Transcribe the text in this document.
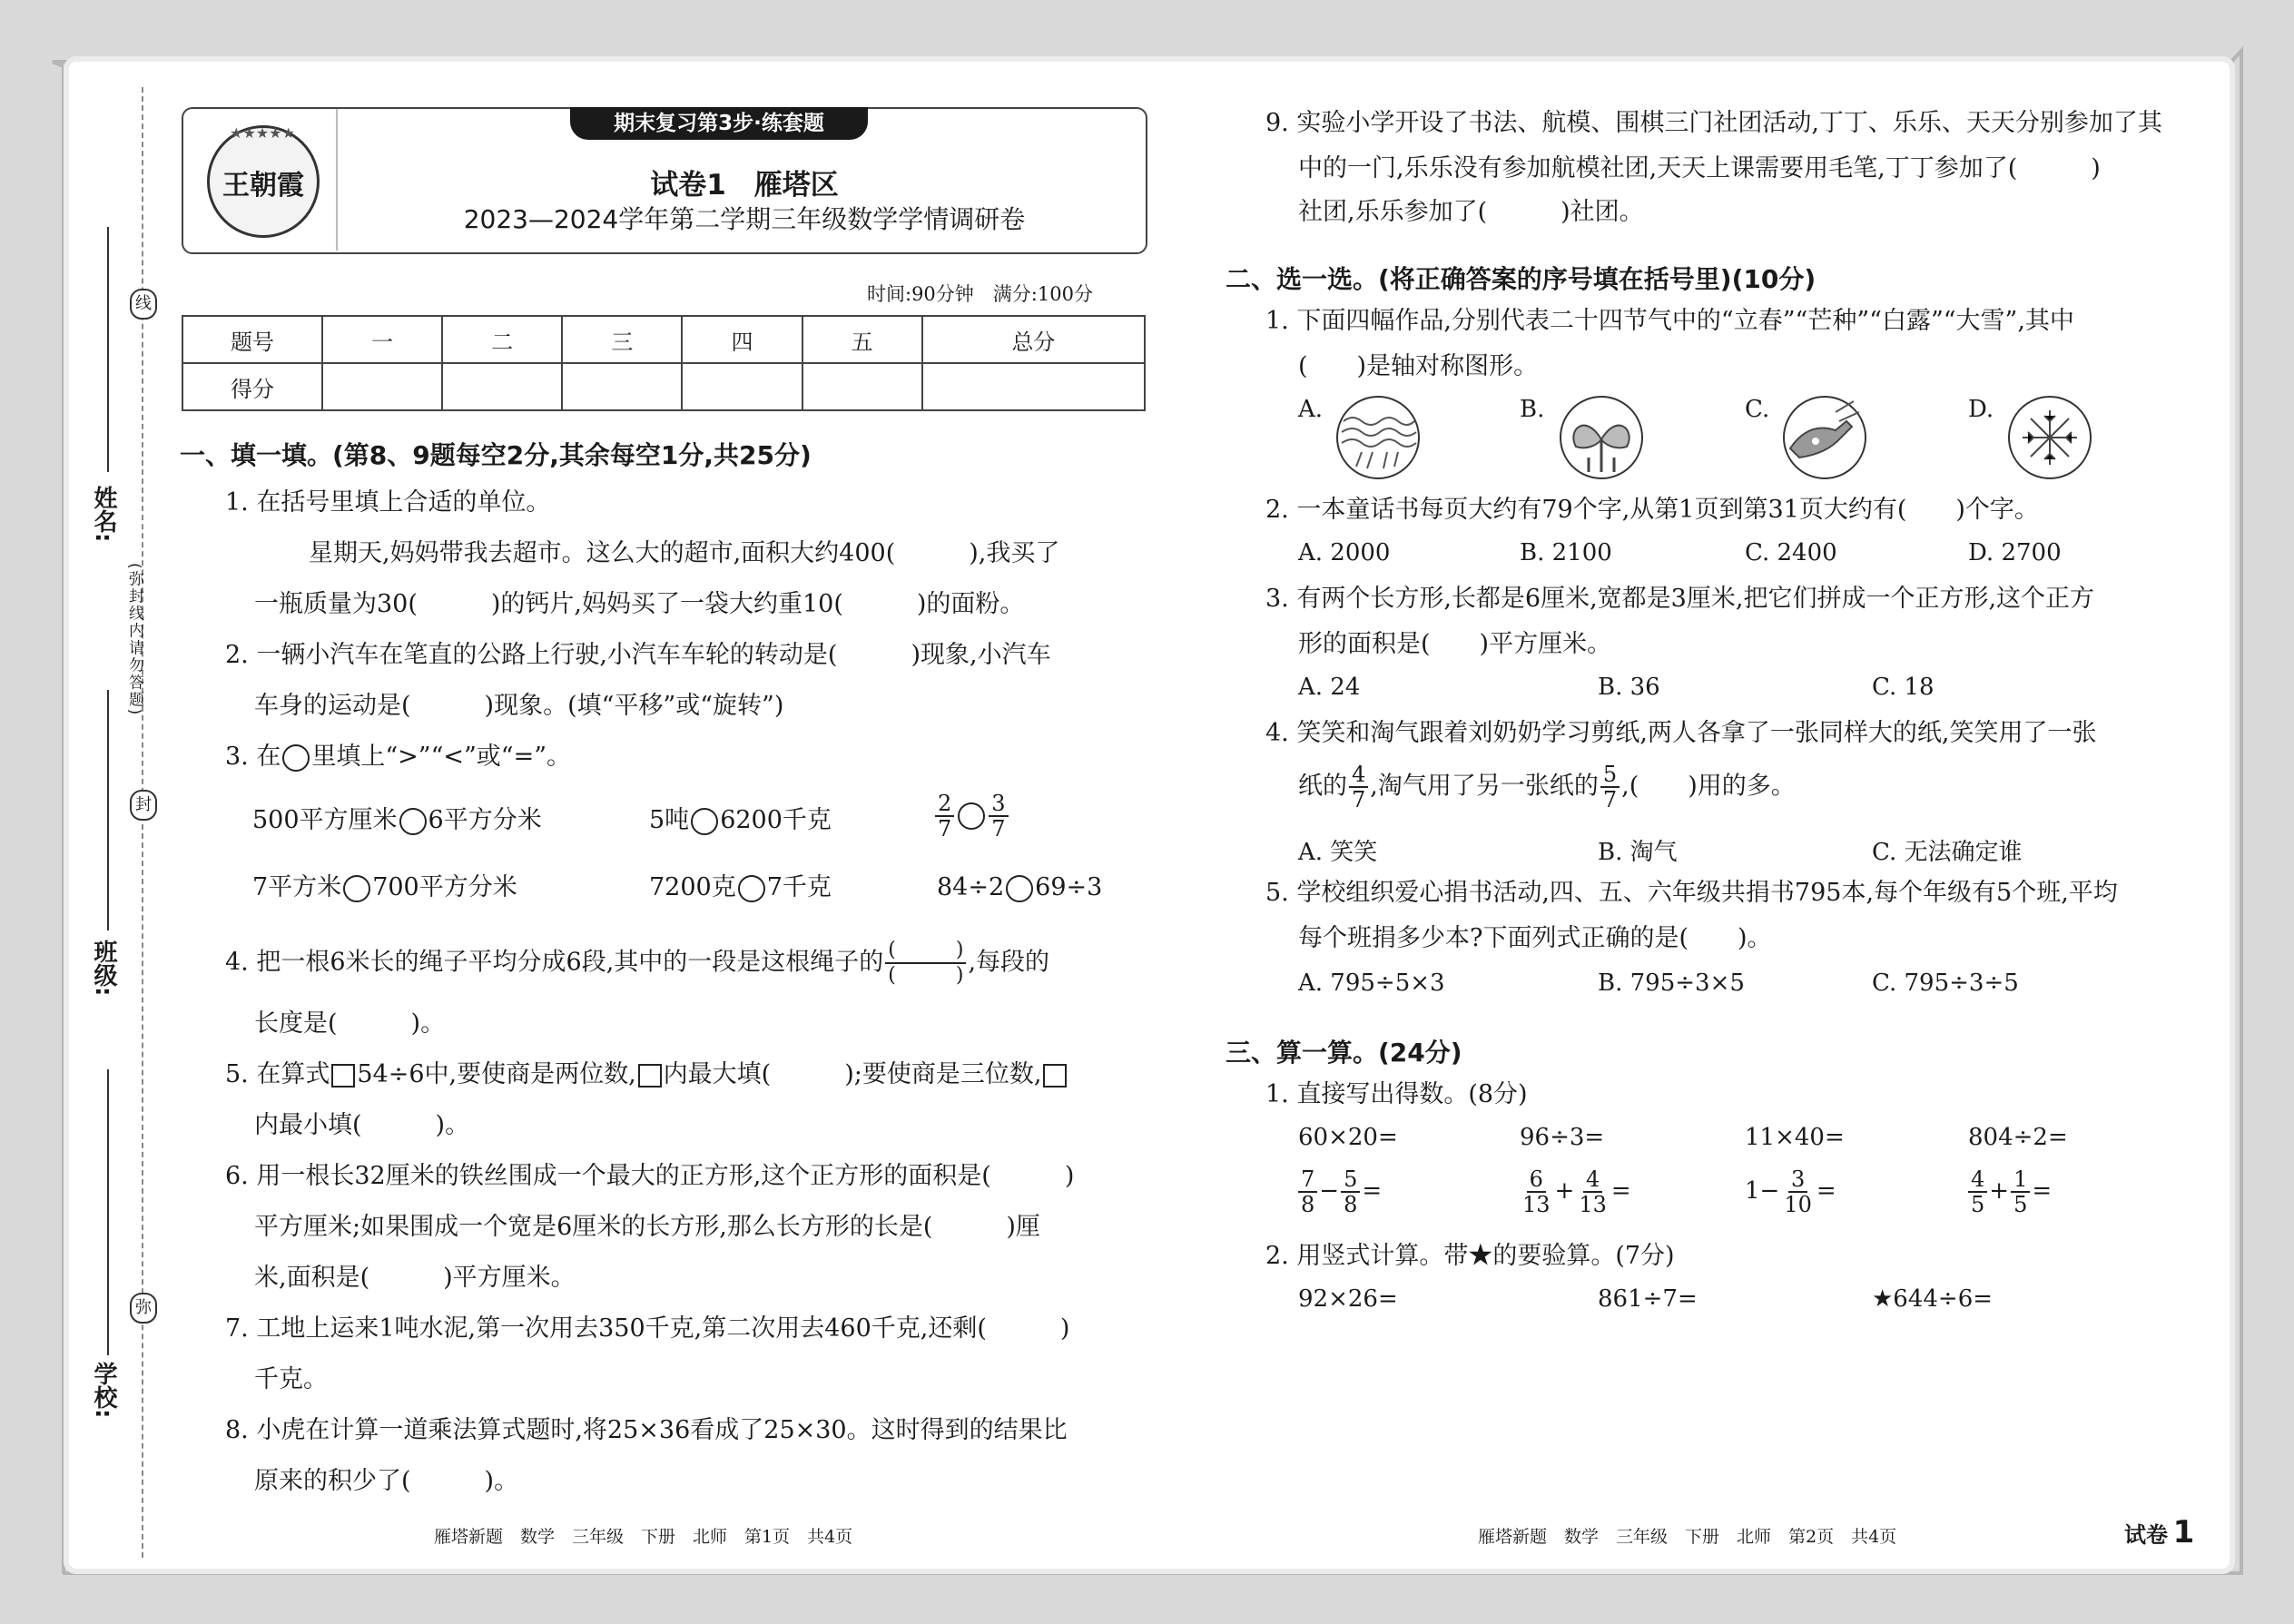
线
封
弥
(弥封线内请勿答题)
姓名:
班级:
学校:
★★★★★
王朝霞
期末复习第3步·练套题
试卷1　雁塔区
2023—2024学年第二学期三年级数学学情调研卷
时间:90分钟　满分:100分
题号	一	二	三	四	五	总分
得分						
一、填一填。(第8、9题每空2分,其余每空1分,共25分)
1. 在括号里填上合适的单位。
星期天,妈妈带我去超市。这么大的超市,面积大约400(　　　),我买了
一瓶质量为30(　　　)的钙片,妈妈买了一袋大约重10(　　　)的面粉。
2. 一辆小汽车在笔直的公路上行驶,小汽车车轮的转动是(　　　)现象,小汽车
车身的运动是(　　　)现象。(填“平移”或“旋转”)
3. 在 里填上“>”“<”或“=”。
500平方厘米 6平方分米	5吨 6200千克	$\frac{2}{7} \frac{3}{7}$
7平方米 700平方分米	7200克 7千克	84÷2 69÷3
4. 把一根6米长的绳子平均分成6段,其中的一段是这根绳子的 $\frac{( )}{( )}$ ,每段的
长度是(　　　)。
5. 在算式 54÷6中,要使商是两位数, 内最大填(　　　);要使商是三位数,
内最小填(　　　)。
6. 用一根长32厘米的铁丝围成一个最大的正方形,这个正方形的面积是(　　　)
平方厘米;如果围成一个宽是6厘米的长方形,那么长方形的长是(　　　)厘
米,面积是(　　　)平方厘米。
7. 工地上运来1吨水泥,第一次用去350千克,第二次用去460千克,还剩(　　　)
千克。
8. 小虎在计算一道乘法算式题时,将25×36看成了25×30。这时得到的结果比
原来的积少了(　　　)。
雁塔新题　数学　三年级　下册　北师　第1页　共4页
9. 实验小学开设了书法、航模、围棋三门社团活动,丁丁、乐乐、天天分别参加了其
中的一门,乐乐没有参加航模社团,天天上课需要用毛笔,丁丁参加了(　　　)
社团,乐乐参加了(　　　)社团。
二、选一选。(将正确答案的序号填在括号里)(10分)
1. 下面四幅作品,分别代表二十四节气中的“立春”“芒种”“白露”“大雪”,其中
(　　)是轴对称图形。
A.	B.	C.	D.
2. 一本童话书每页大约有79个字,从第1页到第31页大约有(　　)个字。
A. 2000	B. 2100	C. 2400	D. 2700
3. 有两个长方形,长都是6厘米,宽都是3厘米,把它们拼成一个正方形,这个正方
形的面积是(　　)平方厘米。
A. 24	B. 36	C. 18
4. 笑笑和淘气跟着刘奶奶学习剪纸,两人各拿了一张同样大的纸,笑笑用了一张
纸的 $\frac{4}{7}$ ,淘气用了另一张纸的 $\frac{5}{7}$ ,(　　)用的多。
A. 笑笑	B. 淘气	C. 无法确定谁
5. 学校组织爱心捐书活动,四、五、六年级共捐书795本,每个年级有5个班,平均
每个班捐多少本?下面列式正确的是(　　)。
A. 795÷5×3	B. 795÷3×5	C. 795÷3÷5
三、算一算。(24分)
1. 直接写出得数。(8分)
60×20=	96÷3=	11×40=	804÷2=
$\frac{7}{8} - \frac{5}{8}$ =	$\frac{6}{13} + \frac{4}{13}$ =	$1- \frac{3}{10}$ =	$\frac{4}{5} + \frac{1}{5}$ =
2. 用竖式计算。带★的要验算。(7分)
92×26=	861÷7=	★644÷6=
雁塔新题　数学　三年级　下册　北师　第2页　共4页	试卷 1
